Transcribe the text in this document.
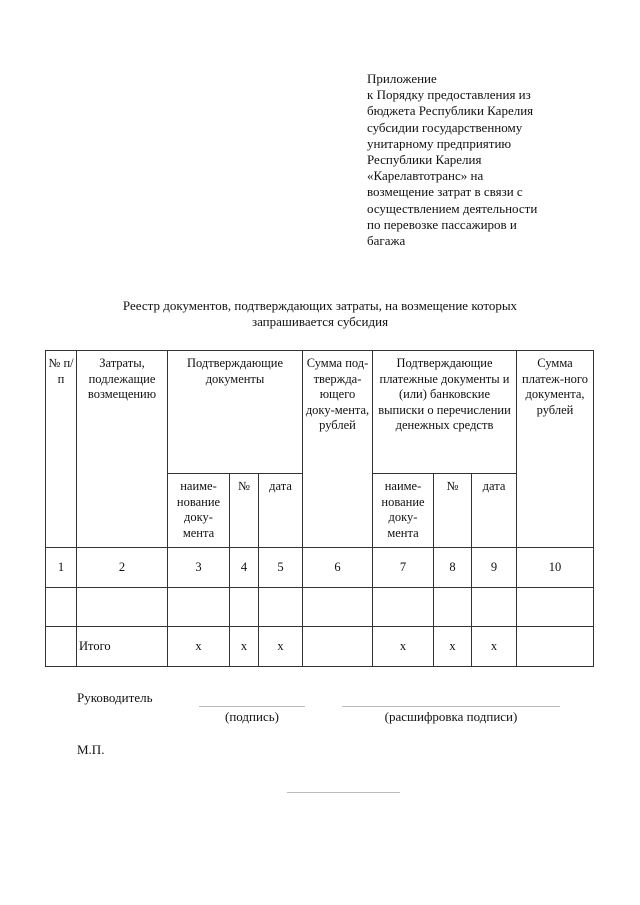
Приложение
к Порядку предоставления из
бюджета Республики Карелия
субсидии государственному
унитарному предприятию
Республики Карелия
«Карелавтотранс» на
возмещение затрат в связи с
осуществлением деятельности
по перевозке пассажиров и
багажа
Реестр документов, подтверждающих затраты, на возмещение которых
запрашивается субсидия
№ п/п	Затраты, подлежащие возмещению	Подтверждающие документы			Сумма под-твержда-ющего доку-мента, рублей	Подтверждающие платежные документы и (или) банковские выписки о перечислении денежных средств			Сумма платеж-ного документа, рублей
		наиме-нование доку-мента	№	дата		наиме-нование доку-мента	№	дата	
1	2	3	4	5	6	7	8	9	10

	Итого	x	x	x		x	x	x	
Руководитель
(подпись)	(расшифровка подписи)
М.П.
